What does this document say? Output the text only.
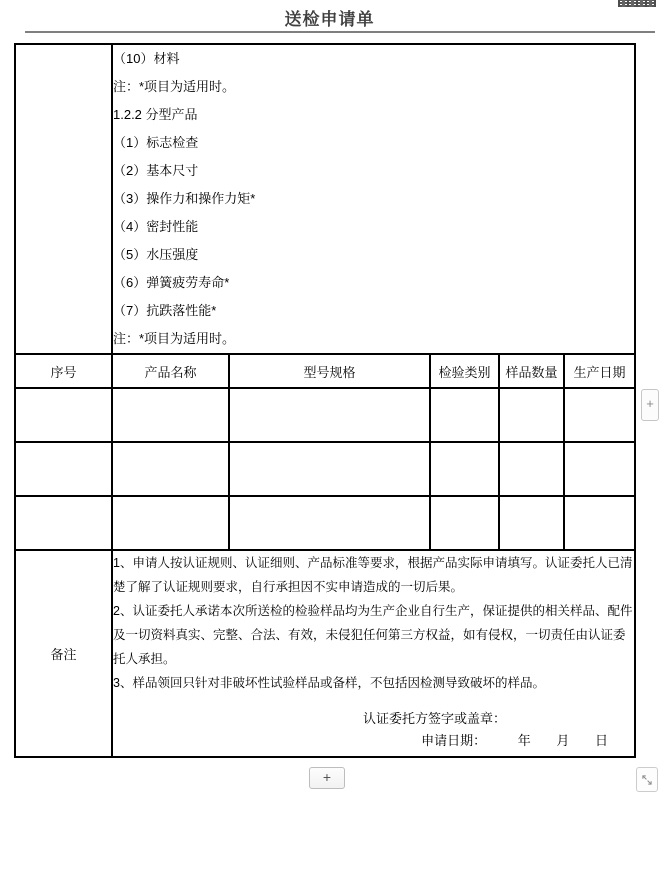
送检申请单

（10）材料
注：*项目为适用时。
1.2.2 分型产品
（1）标志检查
（2）基本尺寸
（3）操作力和操作力矩*
（4）密封性能
（5）水压强度
（6）弹簧疲劳寿命*
（7）抗跌落性能*
注：*项目为适用时。

序号	产品名称	型号规格	检验类别	样品数量	生产日期

备注	1、申请人按认证规则、认证细则、产品标准等要求，根据产品实际申请填写。认证委托人已清楚了解了认证规则要求，自行承担因不实申请造成的一切后果。

2、认证委托人承诺本次所送检的检验样品均为生产企业自行生产，保证提供的相关样品、配件及一切资料真实、完整、合法、有效，未侵犯任何第三方权益，如有侵权，一切责任由认证委托人承担。

3、样品领回只针对非破坏性试验样品或备样，不包括因检测导致破坏的样品。

认证委托方签字或盖章：
申请日期： 年 月 日				
+
+
